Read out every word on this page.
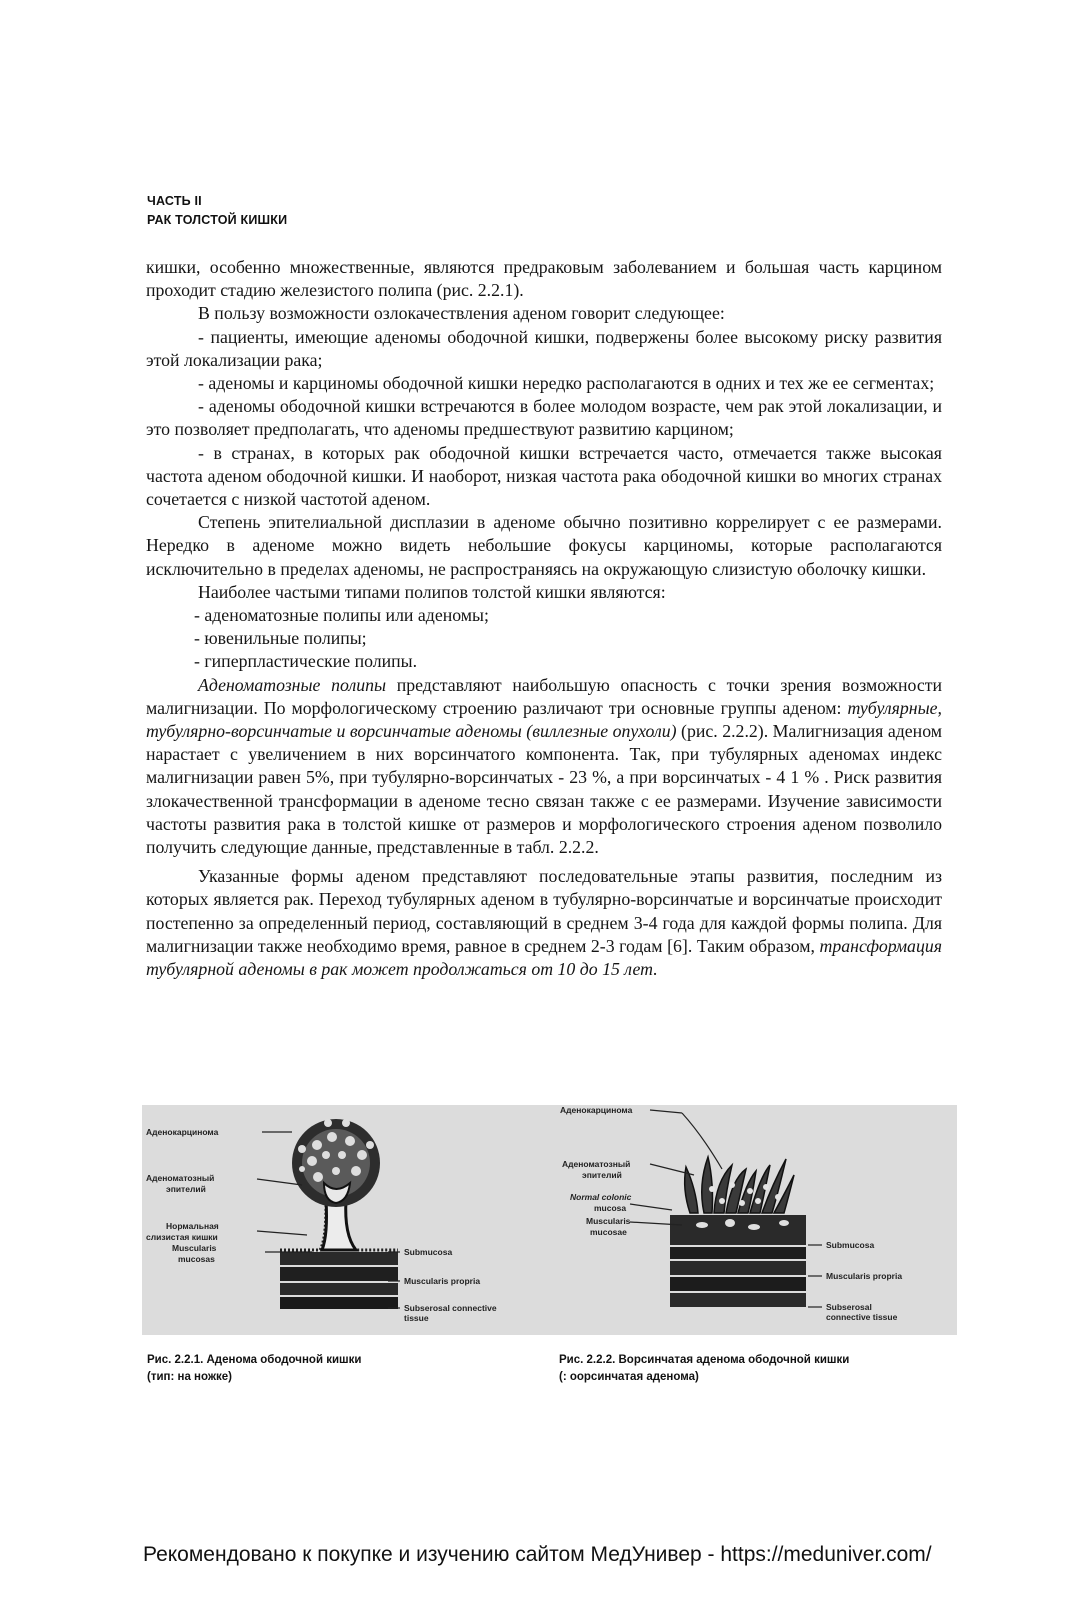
ЧАСТЬ II
РАК ТОЛСТОЙ КИШКИ

кишки, особенно множественные, являются предраковым заболеванием и большая часть карцином проходит стадию железистого полипа (рис. 2.2.1).

В пользу возможности озлокачествления аденом говорит следующее:

- пациенты, имеющие аденомы ободочной кишки, подвержены более высокому риску развития этой локализации рака;

- аденомы и карциномы ободочной кишки нередко располагаются в одних и тех же ее сегментах;

- аденомы ободочной кишки встречаются в более молодом возрасте, чем рак этой локализации, и это позволяет предполагать, что аденомы предшествуют развитию карцином;

- в странах, в которых рак ободочной кишки встречается часто, отмечается также высокая частота аденом ободочной кишки. И наоборот, низкая частота рака ободочной кишки во многих странах сочетается с низкой частотой аденом.

Степень эпителиальной дисплазии в аденоме обычно позитивно коррелирует с ее размерами. Нередко в аденоме можно видеть небольшие фокусы карциномы, которые располагаются исключительно в пределах аденомы, не распространяясь на окружающую слизистую оболочку кишки.

Наиболее частыми типами полипов толстой кишки являются:

- аденоматозные полипы или аденомы;

- ювенильные полипы;

- гиперпластические полипы.

Аденоматозные полипы представляют наибольшую опасность с точки зрения возможности малигнизации. По морфологическому строению различают три основные группы аденом: тубулярные, тубулярно-ворсинчатые и ворсинчатые аденомы (виллезные опухоли) (рис. 2.2.2). Малигнизация аденом нарастает с увеличением в них ворсинчатого компонента. Так, при тубулярных аденомах индекс малигнизации равен 5%, при тубулярно-ворсинчатых - 23 %, а при ворсинчатых - 4 1 % . Риск развития злокачественной трансформации в аденоме тесно связан также с ее размерами. Изучение зависимости частоты развития рака в толстой кишке от размеров и морфологического строения аденом позволило получить следующие данные, представленные в табл. 2.2.2.

Указанные формы аденом представляют последовательные этапы развития, последним из которых является рак. Переход тубулярных аденом в тубулярно-ворсинчатые и ворсинчатые происходит постепенно за определенный период, составляющий в среднем 3-4 года для каждой формы полипа. Для малигнизации также необходимо время, равное в среднем 2-3 годам [6]. Таким образом, трансформация тубулярной аденомы в рак может продолжаться от 10 до 15 лет.

Аденокарцинома
Аденоматозный
эпителий
Нормальная
слизистая кишки
Muscularis
mucosas
Submucosa
Muscularis propria
Subserosal connective
tissue
Аденокарцинома
Аденоматозный
эпителий
Normal colonic
mucosa
Muscularis
mucosae
Submucosa
Muscularis propria
Subserosal
connective tissue
Рис. 2.2.1. Аденома ободочной кишки
(тип: на ножке)
Рис. 2.2.2. Ворсинчатая аденома ободочной кишки
(: оорсинчатая аденома)
Рекомендовано к покупке и изучению сайтом МедУнивер - https://meduniver.com/
